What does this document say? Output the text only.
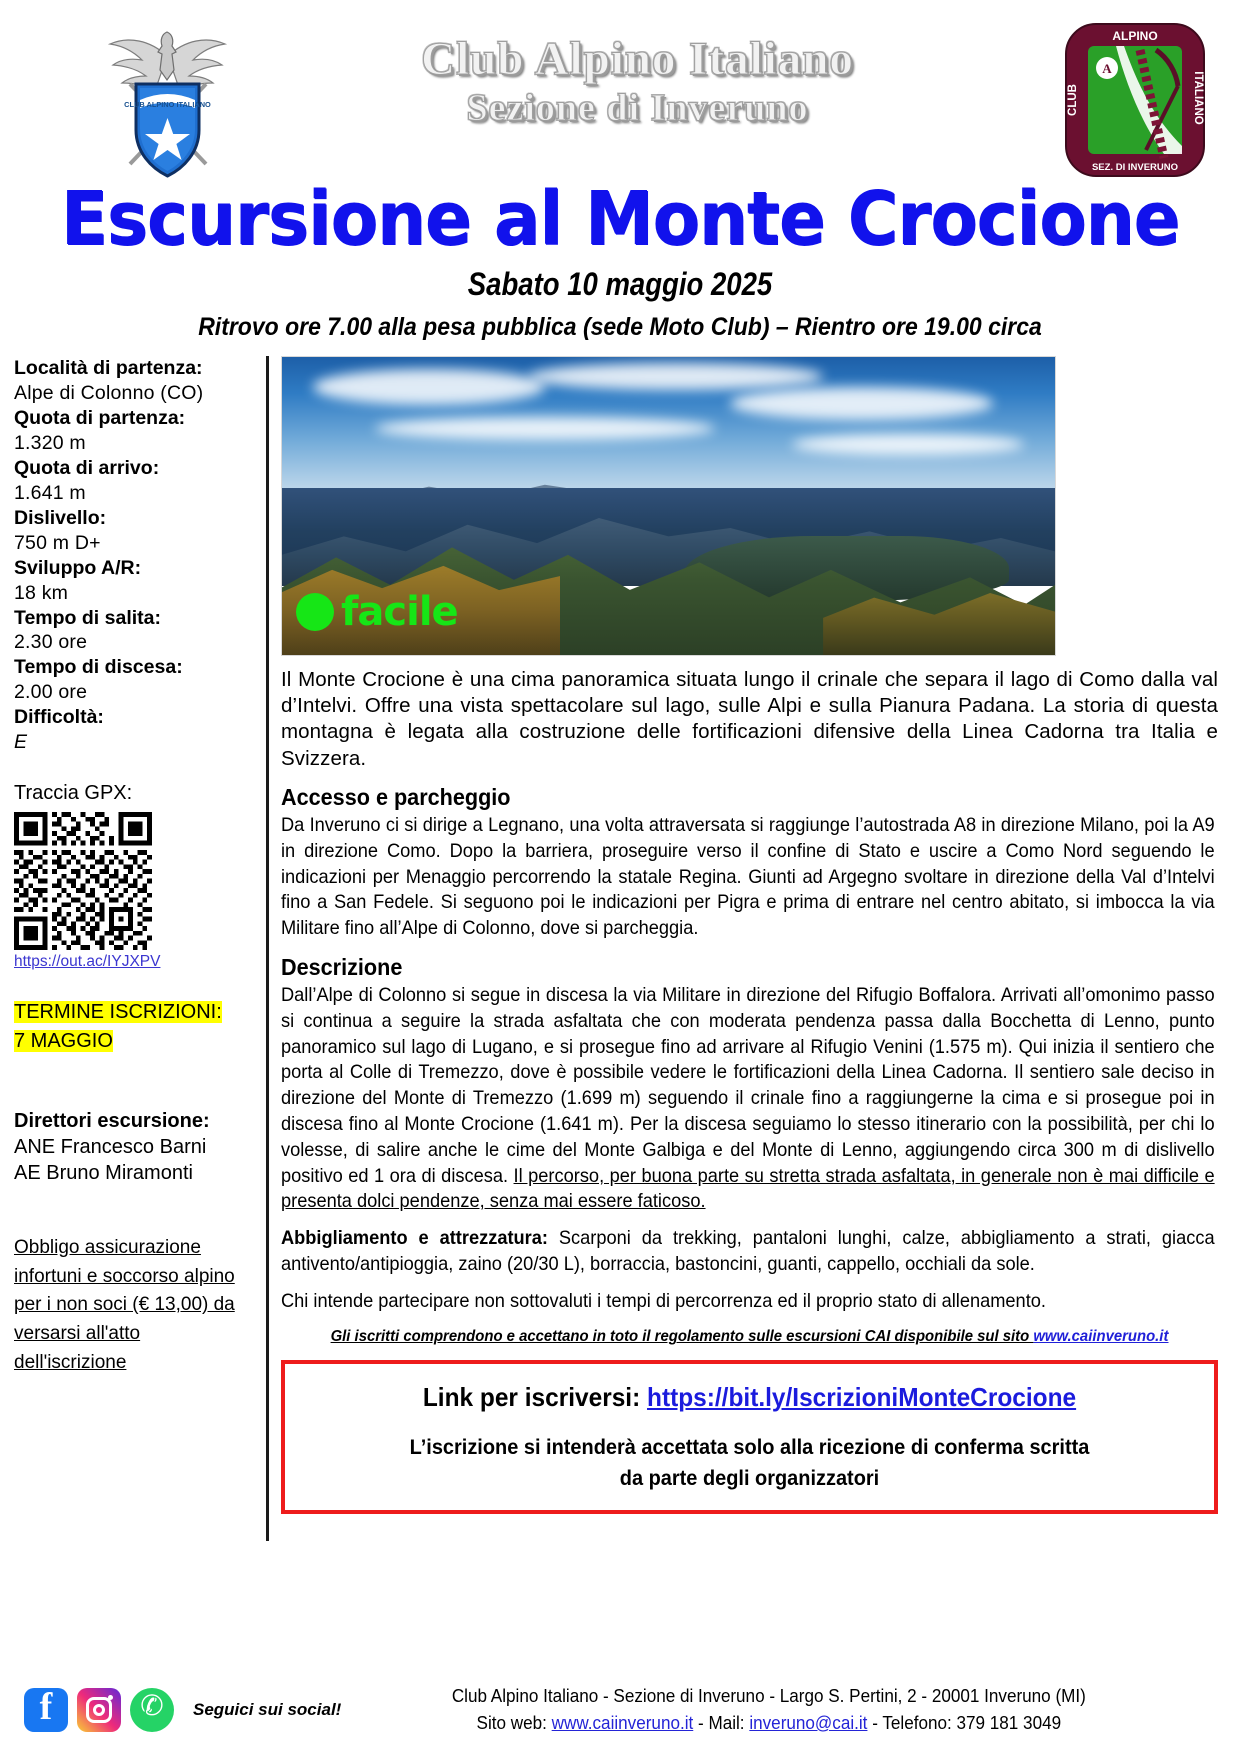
CLUB ALPINO ITALIANO
Club Alpino Italiano
Sezione di Inveruno
A
ALPINO
CLUB	ITALIANO
SEZ. DI INVERUNO
Escursione al Monte Crocione
Sabato 10 maggio 2025
Ritrovo ore 7.00 alla pesa pubblica (sede Moto Club) – Rientro ore 19.00 circa
Località di partenza:
Alpe di Colonno (CO)
Quota di partenza:
1.320 m
Quota di arrivo:
1.641 m
Dislivello:
750 m D+
Sviluppo A/R:
18 km
Tempo di salita:
2.30 ore
Tempo di discesa:
2.00 ore
Difficoltà:
E
Traccia GPX:
https://out.ac/IYJXPV
TERMINE ISCRIZIONI:
7 MAGGIO
Direttori escursione:
ANE Francesco Barni
AE Bruno Miramonti
Obbligo assicurazione infortuni e soccorso alpino per i non soci (€ 13,00) da versarsi all'atto dell'iscrizione
facile
Il Monte Crocione è una cima panoramica situata lungo il crinale che separa il lago di Como dalla val d’Intelvi. Offre una vista spettacolare sul lago, sulle Alpi e sulla Pianura Padana. La storia di questa montagna è legata alla costruzione delle fortificazioni difensive della Linea Cadorna tra Italia e Svizzera.
Accesso e parcheggio
Da Inveruno ci si dirige a Legnano, una volta attraversata si raggiunge l’autostrada A8 in direzione Milano, poi la A9 in direzione Como. Dopo la barriera, proseguire verso il confine di Stato e uscire a Como Nord seguendo le indicazioni per Menaggio percorrendo la statale Regina. Giunti ad Argegno svoltare in direzione della Val d’Intelvi fino a San Fedele. Si seguono poi le indicazioni per Pigra e prima di entrare nel centro abitato, si imbocca la via Militare fino all’Alpe di Colonno, dove si parcheggia.
Descrizione
Dall’Alpe di Colonno si segue in discesa la via Militare in direzione del Rifugio Boffalora. Arrivati all’omonimo passo si continua a seguire la strada asfaltata che con moderata pendenza passa dalla Bocchetta di Lenno, punto panoramico sul lago di Lugano, e si prosegue fino ad arrivare al Rifugio Venini (1.575 m). Qui inizia il sentiero che porta al Colle di Tremezzo, dove è possibile vedere le fortificazioni della Linea Cadorna. Il sentiero sale deciso in direzione del Monte di Tremezzo (1.699 m) seguendo il crinale fino a raggiungerne la cima e si prosegue poi in discesa fino al Monte Crocione (1.641 m). Per la discesa seguiamo lo stesso itinerario con la possibilità, per chi lo volesse, di salire anche le cime del Monte Galbiga e del Monte di Lenno, aggiungendo circa 300 m di dislivello positivo ed 1 ora di discesa. Il percorso, per buona parte su stretta strada asfaltata, in generale non è mai difficile e presenta dolci pendenze, senza mai essere faticoso.
Abbigliamento e attrezzatura: Scarponi da trekking, pantaloni lunghi, calze, abbigliamento a strati, giacca antivento/antipioggia, zaino (20/30 L), borraccia, bastoncini, guanti, cappello, occhiali da sole.
Chi intende partecipare non sottovaluti i tempi di percorrenza ed il proprio stato di allenamento.
Gli iscritti comprendono e accettano in toto il regolamento sulle escursioni CAI disponibile sul sito www.caiinveruno.it
Link per iscriversi: https://bit.ly/IscrizioniMonteCrocione
L’iscrizione si intenderà accettata solo alla ricezione di conferma scritta
da parte degli organizzatori
f
✆
Seguici sui social!
Club Alpino Italiano - Sezione di Inveruno - Largo S. Pertini, 2 - 20001 Inveruno (MI)
Sito web: www.caiinveruno.it - Mail: inveruno@cai.it - Telefono: 379 181 3049
